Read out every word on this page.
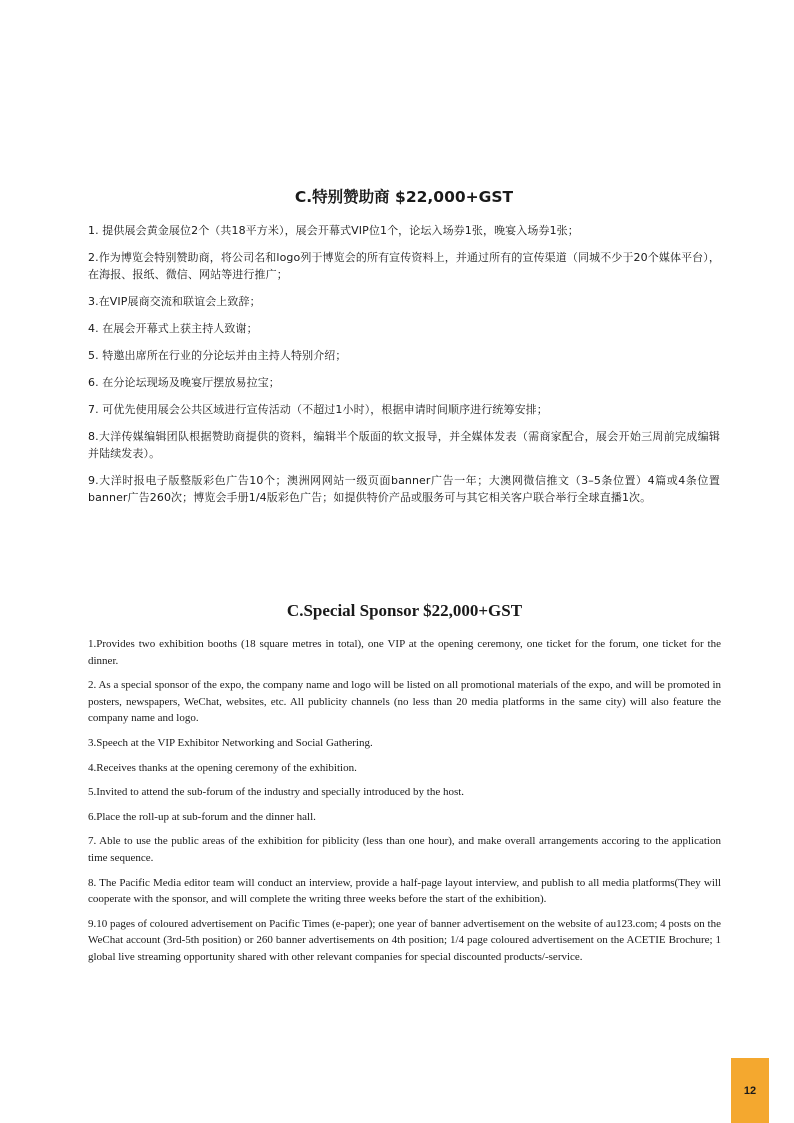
C.特别赞助商 $22,000+GST

1. 提供展会黄金展位2个（共18平方米），展会开幕式VIP位1个，论坛入场券1张，晚宴入场券1张；

2.作为博览会特别赞助商，将公司名和logo列于博览会的所有宣传资料上，并通过所有的宣传渠道（同城不少于20个媒体平台），在海报、报纸、微信、网站等进行推广；

3.在VIP展商交流和联谊会上致辞；

4. 在展会开幕式上获主持人致谢；

5. 特邀出席所在行业的分论坛并由主持人特别介绍；

6. 在分论坛现场及晚宴厅摆放易拉宝；

7. 可优先使用展会公共区域进行宣传活动（不超过1小时），根据申请时间顺序进行统筹安排；

8.大洋传媒编辑团队根据赞助商提供的资料，编辑半个版面的软文报导，并全媒体发表（需商家配合，展会开始三周前完成编辑并陆续发表）。

9.大洋时报电子版整版彩色广告10个；澳洲网网站一级页面banner广告一年；大澳网微信推文（3–5条位置）4篇或4条位置banner广告260次；博览会手册1/4版彩色广告；如提供特价产品或服务可与其它相关客户联合举行全球直播1次。

C.Special Sponsor $22,000+GST

1.Provides two exhibition booths (18 square metres in total), one VIP at the opening ceremony, one ticket for the forum, one ticket for the dinner.

2. As a special sponsor of the expo, the company name and logo will be listed on all promotional materials of the expo, and will be promoted in posters, newspapers, WeChat, websites, etc. All publicity channels (no less than 20 media platforms in the same city) will also feature the company name and logo.

3.Speech at the VIP Exhibitor Networking and Social Gathering.

4.Receives thanks at the opening ceremony of the exhibition.

5.Invited to attend the sub-forum of the industry and specially introduced by the host.

6.Place the roll-up at sub-forum and the dinner hall.

7. Able to use the public areas of the exhibition for piblicity (less than one hour), and make overall arrangements accoring to the application time sequence.

8. The Pacific Media editor team will conduct an interview, provide a half-page layout interview, and publish to all media platforms(They will cooperate with the sponsor, and will complete the writing three weeks before the start of the exhibition).

9.10 pages of coloured advertisement on Pacific Times (e-paper); one year of banner advertisement on the website of au123.com; 4 posts on the WeChat account (3rd-5th position) or 260 banner advertisements on 4th position; 1/4 page coloured advertisement on the ACETIE Brochure; 1 global live streaming opportunity shared with other relevant companies for special discounted products/-service.

12
